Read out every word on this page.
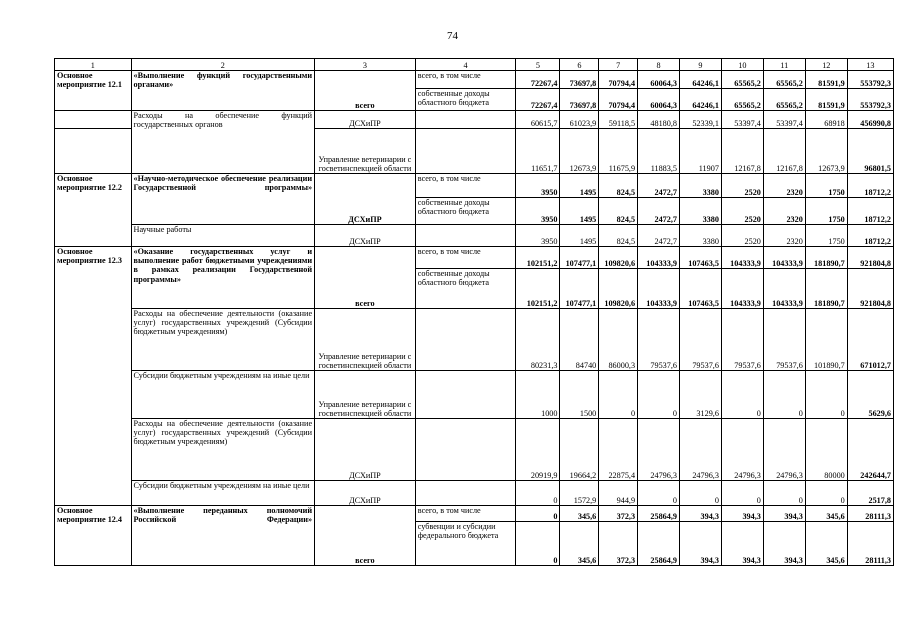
74
1	2	3	4	5	6	7	8	9	10	11	12	13
Основное мероприятие 12.1	«Выполнение функций государственными органами»	всего	всего, в том числе	72267,4	73697,8	70794,4	60064,3	64246,1	65565,2	65565,2	81591,9	553792,3
			собственные доходы областного бюджета	72267,4	73697,8	70794,4	60064,3	64246,1	65565,2	65565,2	81591,9	553792,3
	Расходы на обеспечение функций государственных органов	ДСХиПР		60615,7	61023,9	59118,5	48180,8	52339,1	53397,4	53397,4	68918	456990,8
		Управление ветеринарии с госветинспекцией области		11651,7	12673,9	11675,9	11883,5	11907	12167,8	12167,8	12673,9	96801,5
Основное мероприятие 12.2	«Научно-методическое обеспечение реализации Государственной программы»	ДСХиПР	всего, в том числе	3950	1495	824,5	2472,7	3380	2520	2320	1750	18712,2
			собственные доходы областного бюджета	3950	1495	824,5	2472,7	3380	2520	2320	1750	18712,2
	Научные работы	ДСХиПР		3950	1495	824,5	2472,7	3380	2520	2320	1750	18712,2
Основное мероприятие 12.3	«Оказание государственных услуг и выполнение работ бюджетными учреждениями в рамках реализации Государственной программы»	всего	всего, в том числе	102151,2	107477,1	109820,6	104333,9	107463,5	104333,9	104333,9	181890,7	921804,8
			собственные доходы областного бюджета	102151,2	107477,1	109820,6	104333,9	107463,5	104333,9	104333,9	181890,7	921804,8
	Расходы на обеспечение деятельности (оказание услуг) государственных учреждений (Субсидии бюджетным учреждениям)	Управление ветеринарии с госветинспекцией области		80231,3	84740	86000,3	79537,6	79537,6	79537,6	79537,6	101890,7	671012,7
	Субсидии бюджетным учреждениям на иные цели	Управление ветеринарии с госветинспекцией области		1000	1500	0	0	3129,6	0	0	0	5629,6
	Расходы на обеспечение деятельности (оказание услуг) государственных учреждений (Субсидии бюджетным учреждениям)	ДСХиПР		20919,9	19664,2	22875,4	24796,3	24796,3	24796,3	24796,3	80000	242644,7
	Субсидии бюджетным учреждениям на иные цели	ДСХиПР		0	1572,9	944,9	0	0	0	0	0	2517,8
Основное мероприятие 12.4	«Выполнение переданных полномочий Российской Федерации»	всего	всего, в том числе	0	345,6	372,3	25864,9	394,3	394,3	394,3	345,6	28111,3
			субвенции и субсидии федерального бюджета	0	345,6	372,3	25864,9	394,3	394,3	394,3	345,6	28111,3
